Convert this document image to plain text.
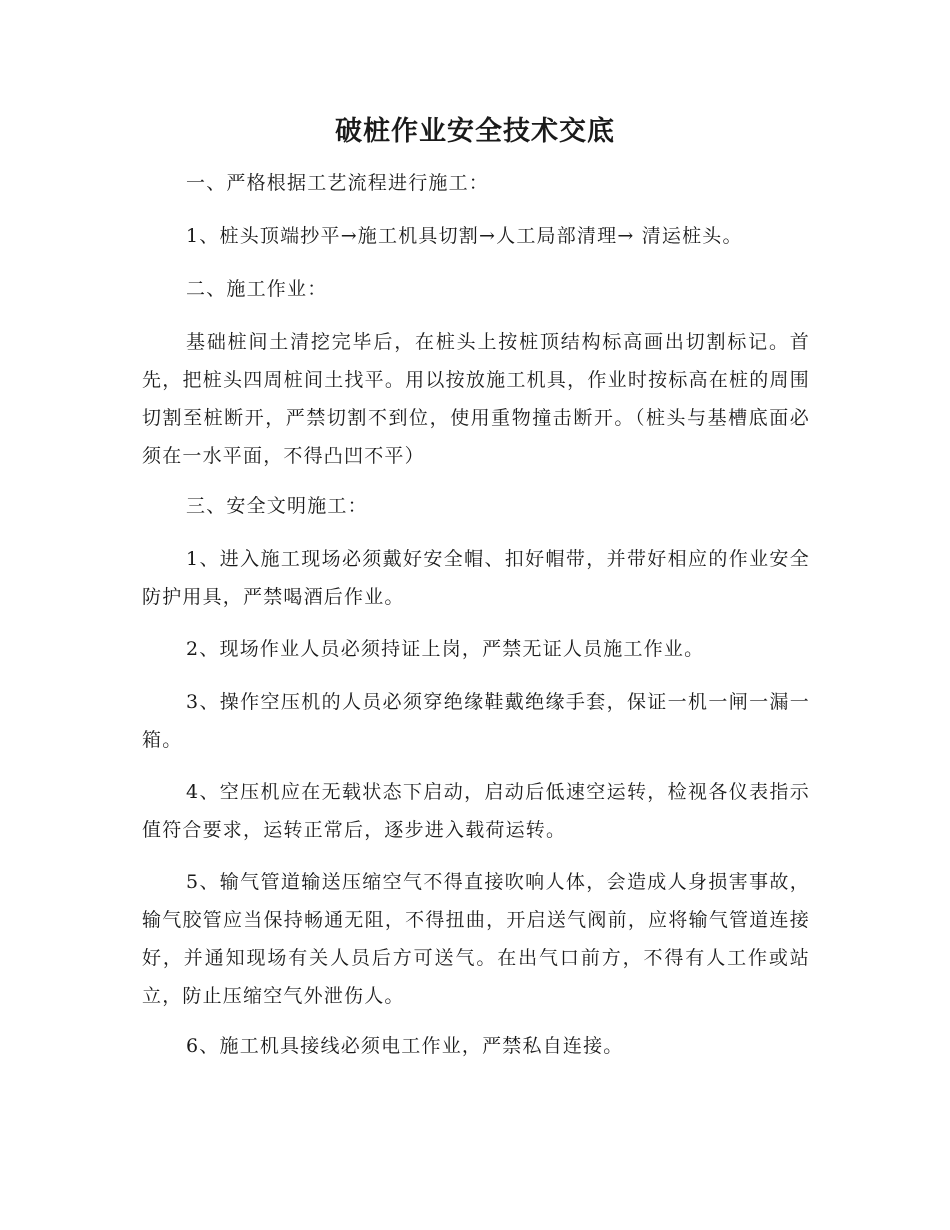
破桩作业安全技术交底

一、严格根据工艺流程进行施工：

1、桩头顶端抄平→施工机具切割→人工局部清理→ 清运桩头。

二、施工作业：

基础桩间土清挖完毕后，在桩头上按桩顶结构标高画出切割标记。首先，把桩头四周桩间土找平。用以按放施工机具，作业时按标高在桩的周围切割至桩断开，严禁切割不到位，使用重物撞击断开。（桩头与基槽底面必须在一水平面，不得凸凹不平）

三、安全文明施工：

1、进入施工现场必须戴好安全帽、扣好帽带，并带好相应的作业安全防护用具，严禁喝酒后作业。

2、现场作业人员必须持证上岗，严禁无证人员施工作业。

3、操作空压机的人员必须穿绝缘鞋戴绝缘手套，保证一机一闸一漏一箱。

4、空压机应在无载状态下启动，启动后低速空运转，检视各仪表指示值符合要求，运转正常后，逐步进入载荷运转。

5、输气管道输送压缩空气不得直接吹响人体，会造成人身损害事故，输气胶管应当保持畅通无阻，不得扭曲，开启送气阀前，应将输气管道连接好，并通知现场有关人员后方可送气。在出气口前方，不得有人工作或站立，防止压缩空气外泄伤人。

6、施工机具接线必须电工作业，严禁私自连接。
